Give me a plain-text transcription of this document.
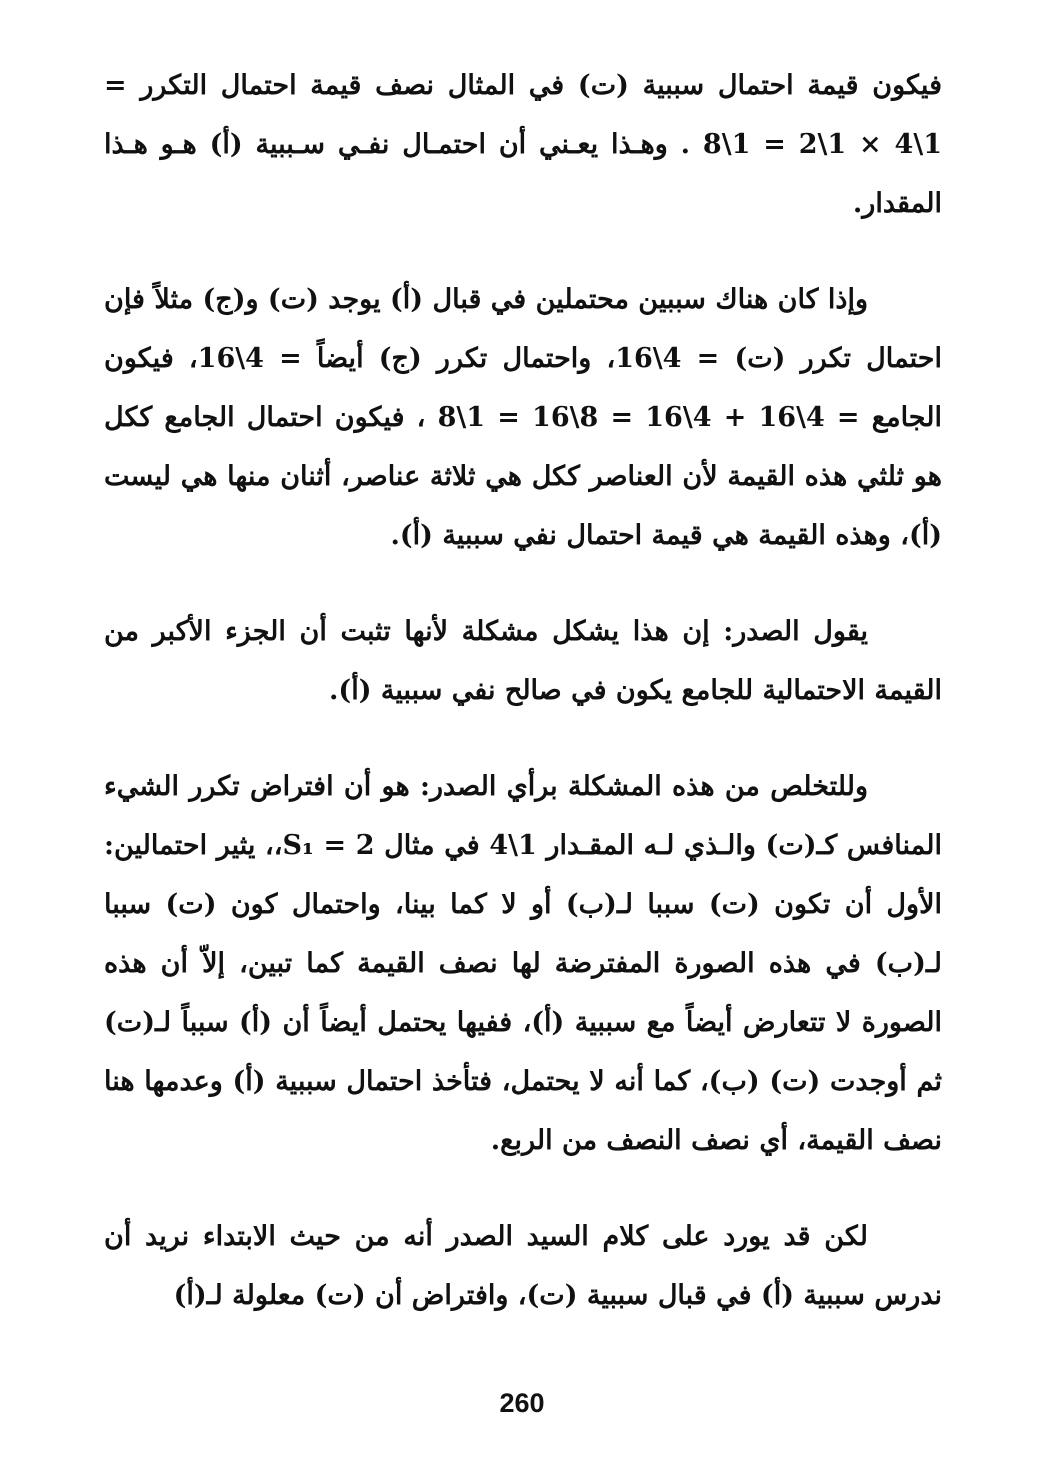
فيكون قيمة احتمال سببية (ت) في المثال نصف قيمة احتمال التكرر = 1\4 × 1\2 = 1\8 . وهـذا يعـني أن احتمـال نفـي سـببية (أ) هـو هـذا المقدار.

وإذا كان هناك سببين محتملين في قبال (أ) يوجد (ت) و(ج) مثلاً فإن احتمال تكرر (ت) = 4\16، واحتمال تكرر (ج) أيضاً = 4\16، فيكون الجامع = 4\16 + 4\16 = 8\16 = 1\8 ، فيكون احتمال الجامع ككل هو ثلثي هذه القيمة لأن العناصر ككل هي ثلاثة عناصر، أثنان منها هي ليست (أ)، وهذه القيمة هي قيمة احتمال نفي سببية (أ).

يقول الصدر: إن هذا يشكل مشكلة لأنها تثبت أن الجزء الأكبر من القيمة الاحتمالية للجامع يكون في صالح نفي سببية (أ).

وللتخلص من هذه المشكلة برأي الصدر: هو أن افتراض تكرر الشيء المنافس كـ(ت) والـذي لـه المقـدار 1\4 في مثال S₁ = 2،، يثير احتمالين: الأول أن تكون (ت) سببا لـ(ب) أو لا كما بينا، واحتمال كون (ت) سببا لـ(ب) في هذه الصورة المفترضة لها نصف القيمة كما تبين، إلاّ أن هذه الصورة لا تتعارض أيضاً مع سببية (أ)، ففيها يحتمل أيضاً أن (أ) سبباً لـ(ت) ثم أوجدت (ت) (ب)، كما أنه لا يحتمل، فتأخذ احتمال سببية (أ) وعدمها هنا نصف القيمة، أي نصف النصف من الربع.

لكن قد يورد على كلام السيد الصدر أنه من حيث الابتداء نريد أن ندرس سببية (أ) في قبال سببية (ت)، وافتراض أن (ت) معلولة لـ(أ)

260
